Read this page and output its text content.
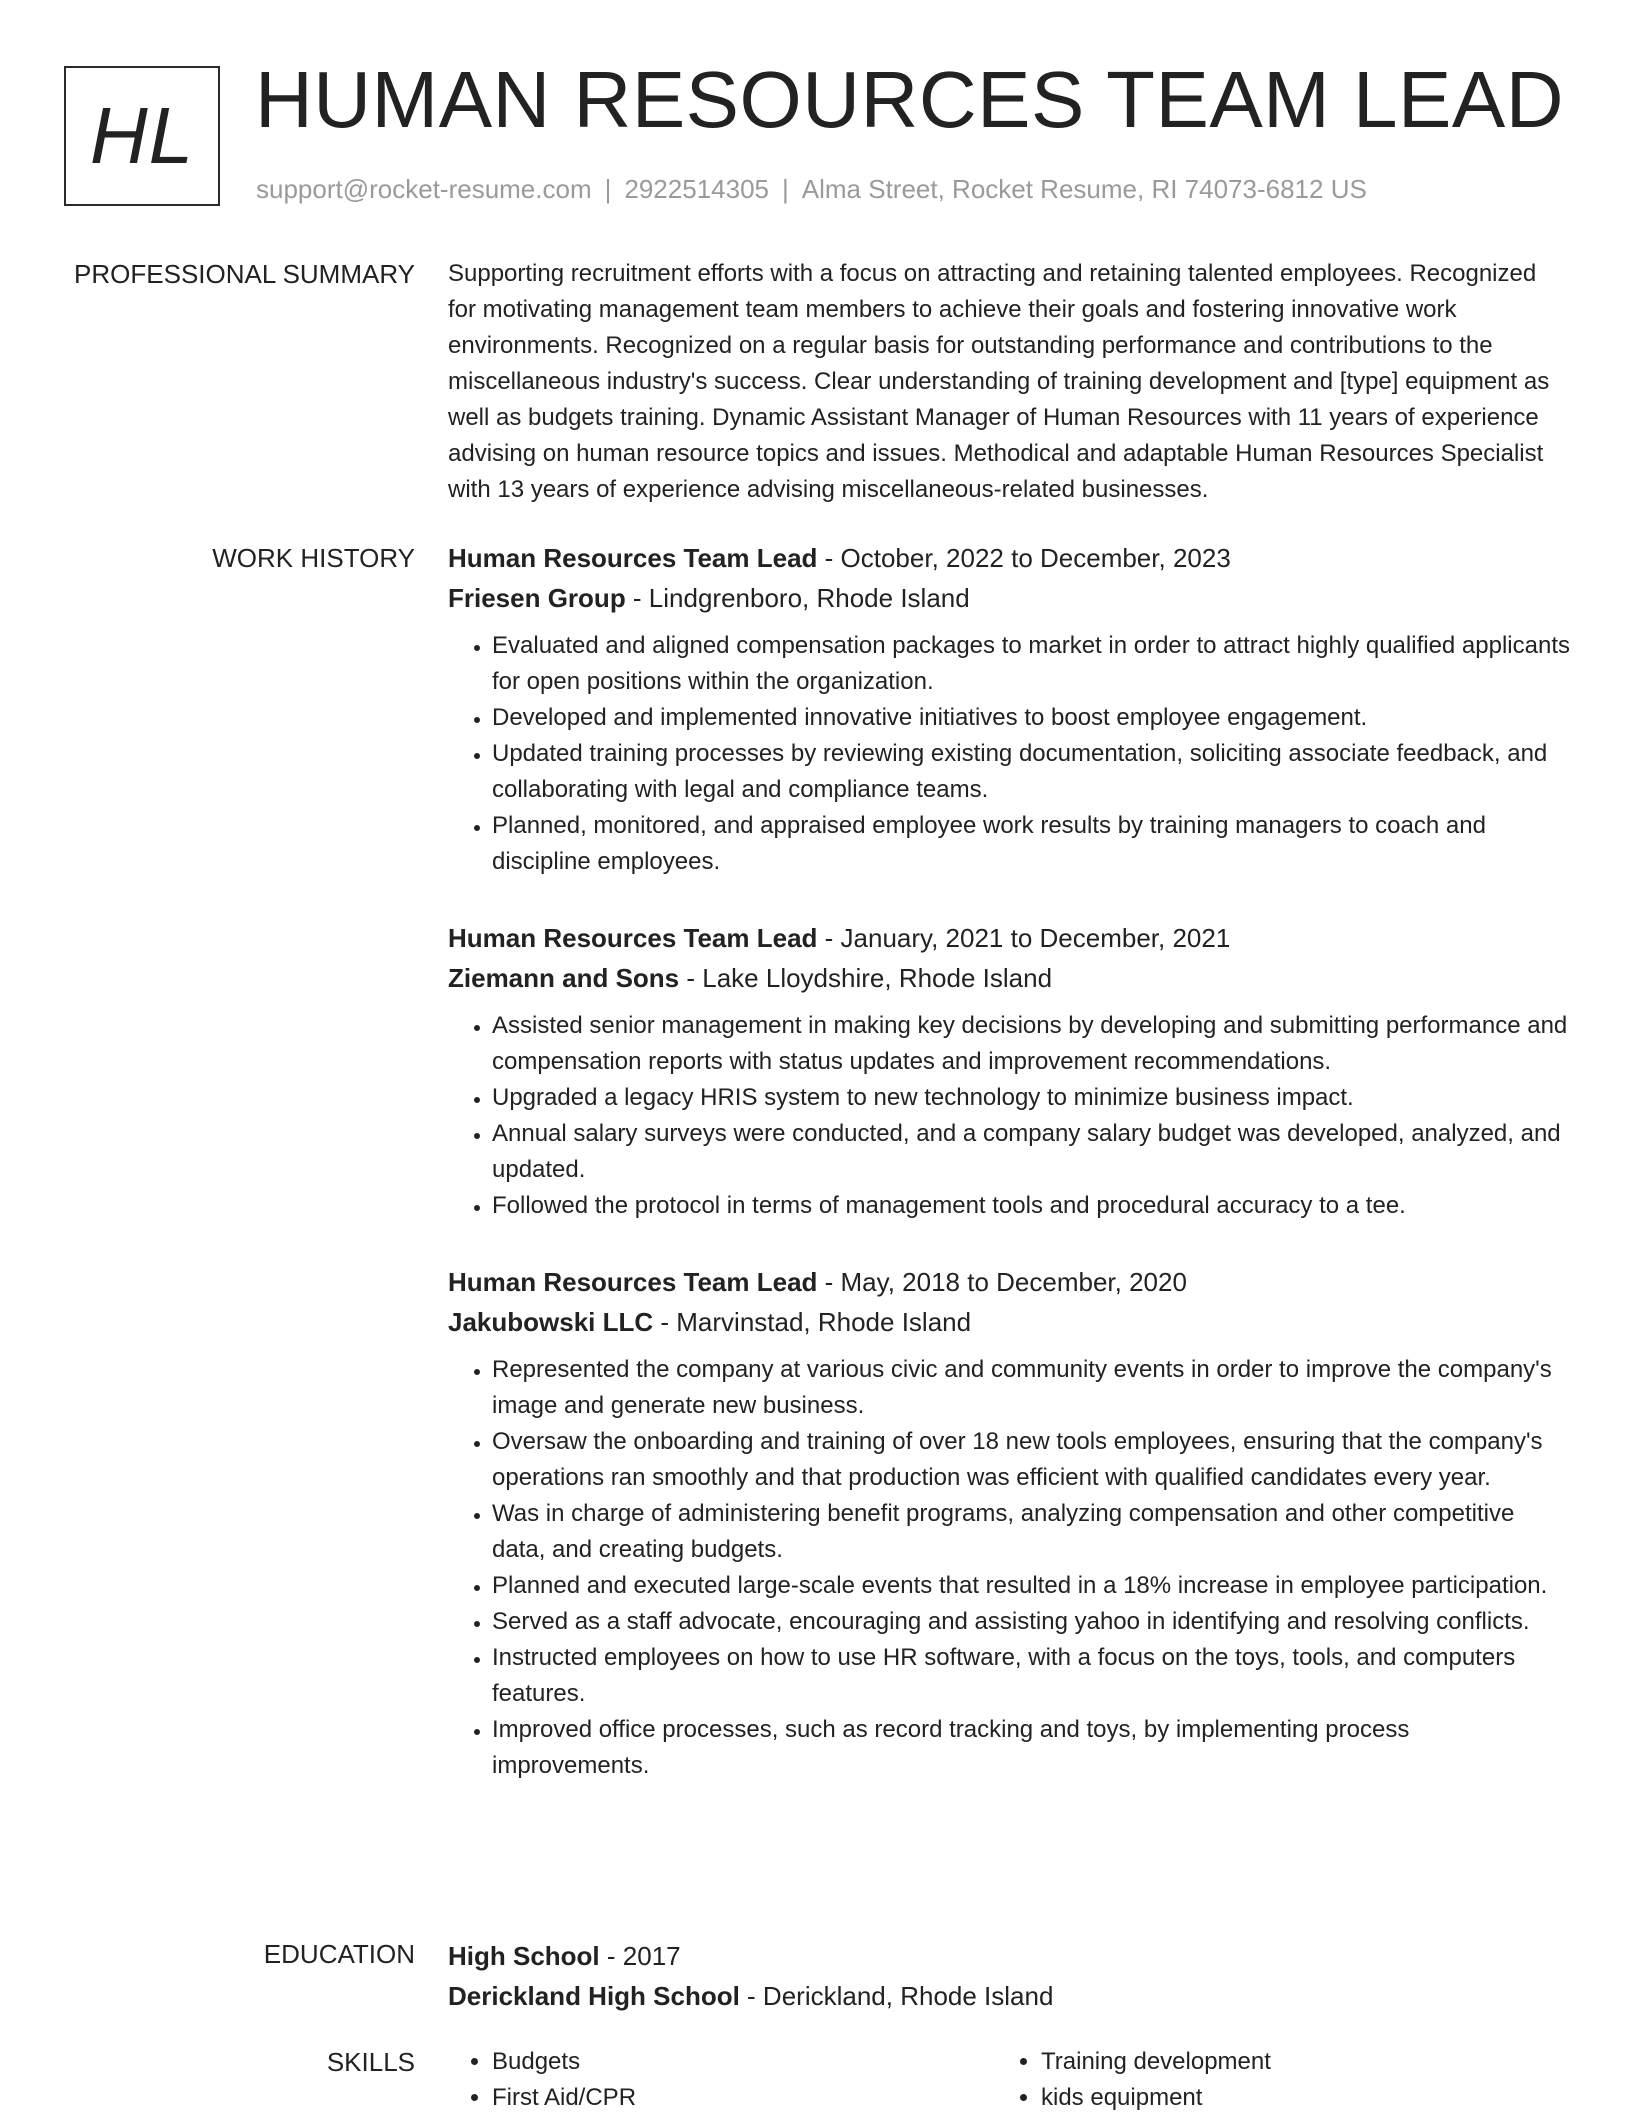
HL HUMAN RESOURCES TEAM LEAD
support@rocket-resume.com | 2922514305 | Alma Street, Rocket Resume, RI 74073-6812 US
PROFESSIONAL SUMMARY Supporting recruitment efforts with a focus on attracting and retaining talented employees. Recognized for motivating management team members to achieve their goals and fostering innovative work environments. Recognized on a regular basis for outstanding performance and contributions to the miscellaneous industry's success. Clear understanding of training development and [type] equipment as well as budgets training. Dynamic Assistant Manager of Human Resources with 11 years of experience advising on human resource topics and issues. Methodical and adaptable Human Resources Specialist with 13 years of experience advising miscellaneous-related businesses.

WORK HISTORY Human Resources Team Lead - October, 2022 to December, 2023
Friesen Group - Lindgrenboro, Rhode Island
• Evaluated and aligned compensation packages to market in order to attract highly qualified applicants for open positions within the organization.
• Developed and implemented innovative initiatives to boost employee engagement.
• Updated training processes by reviewing existing documentation, soliciting associate feedback, and collaborating with legal and compliance teams.
• Planned, monitored, and appraised employee work results by training managers to coach and discipline employees.
Human Resources Team Lead - January, 2021 to December, 2021
Ziemann and Sons - Lake Lloydshire, Rhode Island
• Assisted senior management in making key decisions by developing and submitting performance and compensation reports with status updates and improvement recommendations.
• Upgraded a legacy HRIS system to new technology to minimize business impact.
• Annual salary surveys were conducted, and a company salary budget was developed, analyzed, and updated.
• Followed the protocol in terms of management tools and procedural accuracy to a tee.
Human Resources Team Lead - May, 2018 to December, 2020
Jakubowski LLC - Marvinstad, Rhode Island
• Represented the company at various civic and community events in order to improve the company's image and generate new business.
• Oversaw the onboarding and training of over 18 new tools employees, ensuring that the company's operations ran smoothly and that production was efficient with qualified candidates every year.
• Was in charge of administering benefit programs, analyzing compensation and other competitive data, and creating budgets.
• Planned and executed large-scale events that resulted in a 18% increase in employee participation.
• Served as a staff advocate, encouraging and assisting yahoo in identifying and resolving conflicts.
• Instructed employees on how to use HR software, with a focus on the toys, tools, and computers features.
• Improved office processes, such as record tracking and toys, by implementing process improvements.
EDUCATION High School - 2017
Derickland High School - Derickland, Rhode Island
SKILLS
•	Budgets
• First Aid/CPR
• Training development
• kids equipment
